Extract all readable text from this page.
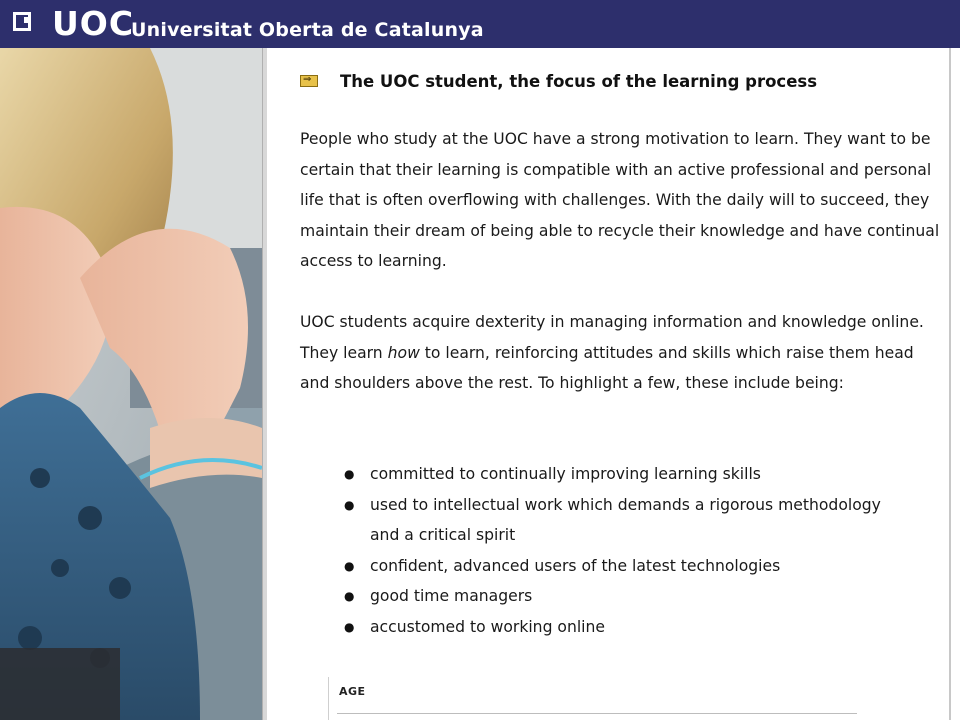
UOC
Universitat Oberta de Catalunya
⇒
The UOC student, the focus of the learning process

People who study at the UOC have a strong motivation to learn. They want to be certain that their learning is compatible with an active professional and personal life that is often overflowing with challenges. With the daily will to succeed, they maintain their dream of being able to recycle their knowledge and have continual access to learning.

UOC students acquire dexterity in managing information and knowledge online. They learn how to learn, reinforcing attitudes and skills which raise them head and shoulders above the rest. To highlight a few, these include being:

● committed to continually improving learning skills
● used to intellectual work which demands a rigorous methodology and a critical spirit
● confident, advanced users of the latest technologies
● good time managers
● accustomed to working online
AGE
